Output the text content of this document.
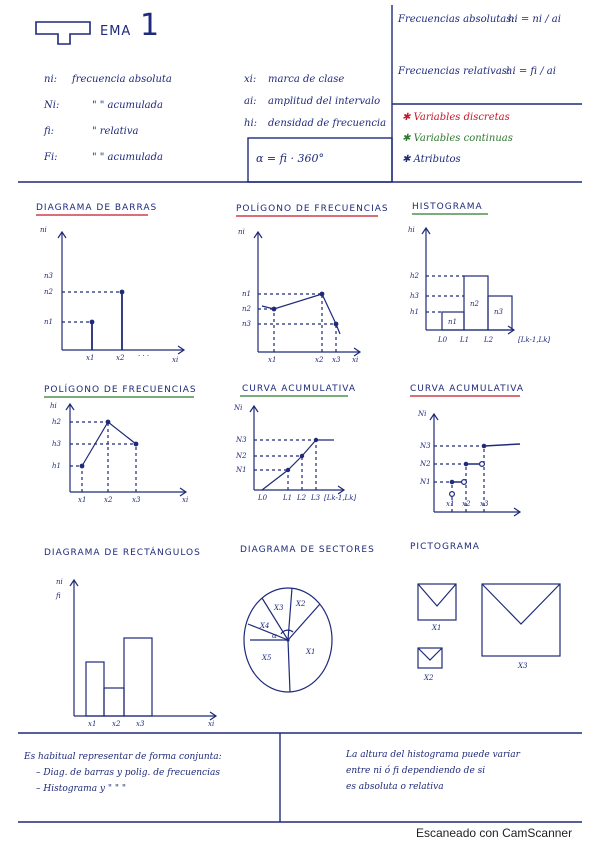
EMA 1
ni: frecuencia absoluta
Ni:	" " acumulada
fi:	" relativa
Fi:	" " acumulada
xi: marca de clase
ai: amplitud del intervalo
hi: densidad de frecuencia
α = fi · 360°
Frecuencias absolutas:
hi = ni / ai
Frecuencias relativas:
hi = fi / ai
✱ Variables discretas
✱ Variables continuas
✱ Atributos
DIAGRAMA DE BARRAS	POLÍGONO DE FRECUENCIAS	HISTOGRAMA
POLÍGONO DE FRECUENCIAS	CURVA ACUMULATIVA	CURVA ACUMULATIVA
DIAGRAMA DE RECTÁNGULOS	DIAGRAMA DE SECTORES	PICTOGRAMA
ni
n3
n2
n1
x1	x2 · · ·	xi
ni
n1
n2
n3
x1	x2 x3 xi
hi
h2
h3
h1
n1
n2
n3
L0 L1 L2	[Lk-1,Lk]
hi
h2
h3
h1
x1	x2	x3	xi
Ni
N3
N2
N1
L0 L1 L2 L3 [Lk-1,Lk]
Ni
N3
N2
N1
x1 x2 x3
ni
fi
x1 x2 x3	xi
X3 X2
X4
X1
X5
α
X1
X3
X2
Es habitual representar de forma conjunta:
– Diag. de barras y polig. de frecuencias
– Histograma y " " "
La altura del histograma puede variar
entre ni ó fi dependiendo de si
es absoluta o relativa
Escaneado con CamScanner
